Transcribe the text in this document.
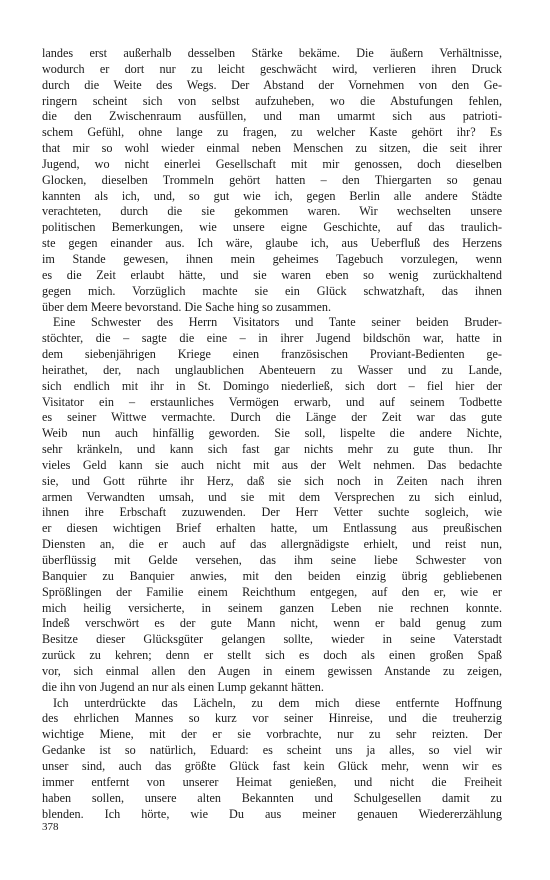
landes erst außerhalb desselben Stärke bekäme. Die äußern Verhältnisse,
wodurch er dort nur zu leicht geschwächt wird, verlieren ihren Druck
durch die Weite des Wegs. Der Abstand der Vornehmen von den Ge-
ringern scheint sich von selbst aufzuheben, wo die Abstufungen fehlen,
die den Zwischenraum ausfüllen, und man umarmt sich aus patrioti-
schem Gefühl, ohne lange zu fragen, zu welcher Kaste gehört ihr? Es
that mir so wohl wieder einmal neben Menschen zu sitzen, die seit ihrer
Jugend, wo nicht einerlei Gesellschaft mit mir genossen, doch dieselben
Glocken, dieselben Trommeln gehört hatten – den Thiergarten so genau
kannten als ich, und, so gut wie ich, gegen Berlin alle andere Städte
verachteten, durch die sie gekommen waren. Wir wechselten unsere
politischen Bemerkungen, wie unsere eigne Geschichte, auf das traulich-
ste gegen einander aus. Ich wäre, glaube ich, aus Ueberfluß des Herzens
im Stande gewesen, ihnen mein geheimes Tagebuch vorzulegen, wenn
es die Zeit erlaubt hätte, und sie waren eben so wenig zurückhaltend
gegen mich. Vorzüglich machte sie ein Glück schwatzhaft, das ihnen
über dem Meere bevorstand. Die Sache hing so zusammen.
Eine Schwester des Herrn Visitators und Tante seiner beiden Bruder-
stöchter, die – sagte die eine – in ihrer Jugend bildschön war, hatte in
dem siebenjährigen Kriege einen französischen Proviant-Bedienten ge-
heirathet, der, nach unglaublichen Abenteuern zu Wasser und zu Lande,
sich endlich mit ihr in St. Domingo niederließ, sich dort – fiel hier der
Visitator ein – erstaunliches Vermögen erwarb, und auf seinem Todbette
es seiner Wittwe vermachte. Durch die Länge der Zeit war das gute
Weib nun auch hinfällig geworden. Sie soll, lispelte die andere Nichte,
sehr kränkeln, und kann sich fast gar nichts mehr zu gute thun. Ihr
vieles Geld kann sie auch nicht mit aus der Welt nehmen. Das bedachte
sie, und Gott rührte ihr Herz, daß sie sich noch in Zeiten nach ihren
armen Verwandten umsah, und sie mit dem Versprechen zu sich einlud,
ihnen ihre Erbschaft zuzuwenden. Der Herr Vetter suchte sogleich, wie
er diesen wichtigen Brief erhalten hatte, um Entlassung aus preußischen
Diensten an, die er auch auf das allergnädigste erhielt, und reist nun,
überflüssig mit Gelde versehen, das ihm seine liebe Schwester von
Banquier zu Banquier anwies, mit den beiden einzig übrig gebliebenen
Sprößlingen der Familie einem Reichthum entgegen, auf den er, wie er
mich heilig versicherte, in seinem ganzen Leben nie rechnen konnte.
Indeß verschwört es der gute Mann nicht, wenn er bald genug zum
Besitze dieser Glücksgüter gelangen sollte, wieder in seine Vaterstadt
zurück zu kehren; denn er stellt sich es doch als einen großen Spaß
vor, sich einmal allen den Augen in einem gewissen Anstande zu zeigen,
die ihn von Jugend an nur als einen Lump gekannt hätten.
Ich unterdrückte das Lächeln, zu dem mich diese entfernte Hoffnung
des ehrlichen Mannes so kurz vor seiner Hinreise, und die treuherzig
wichtige Miene, mit der er sie vorbrachte, nur zu sehr reizten. Der
Gedanke ist so natürlich, Eduard: es scheint uns ja alles, so viel wir
unser sind, auch das größte Glück fast kein Glück mehr, wenn wir es
immer entfernt von unserer Heimat genießen, und nicht die Freiheit
haben sollen, unsere alten Bekannten und Schulgesellen damit zu
blenden. Ich hörte, wie Du aus meiner genauen Wiedererzählung
378
